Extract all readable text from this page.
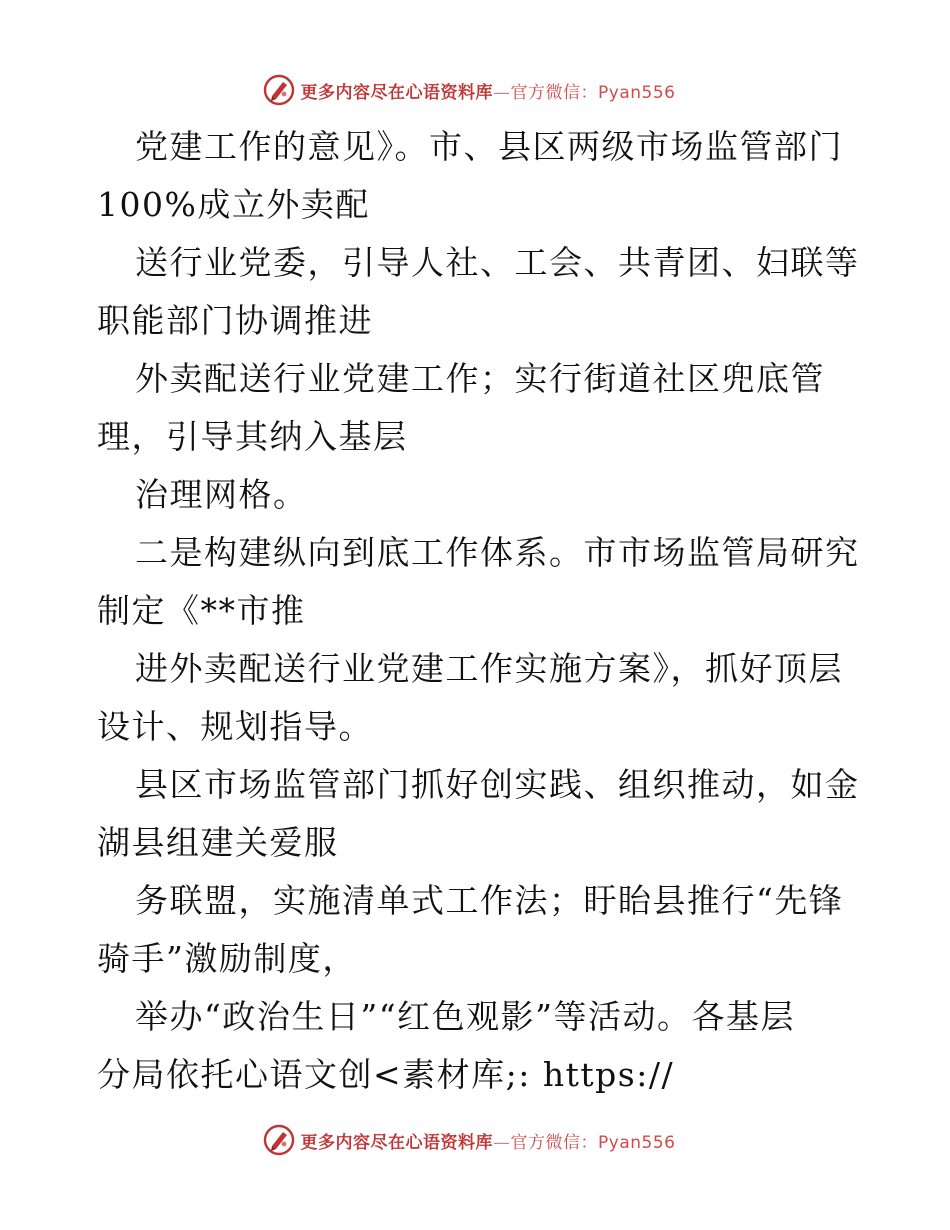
更多内容尽在心语资料库—官方微信：Pyan556
党建工作的意见》。市、县区两级市场监管部门
100%成立外卖配
送行业党委，引导人社、工会、共青团、妇联等
职能部门协调推进
外卖配送行业党建工作；实行街道社区兜底管
理，引导其纳入基层
治理网格。
二是构建纵向到底工作体系。市市场监管局研究
制定《**市推
进外卖配送行业党建工作实施方案》，抓好顶层
设计、规划指导。
县区市场监管部门抓好创实践、组织推动，如金
湖县组建关爱服
务联盟，实施清单式工作法；盱眙县推行“先锋
骑手”激励制度，
举办“政治生日”“红色观影”等活动。各基层
分局依托心语文创<素材库;: https://
更多内容尽在心语资料库—官方微信：Pyan556
